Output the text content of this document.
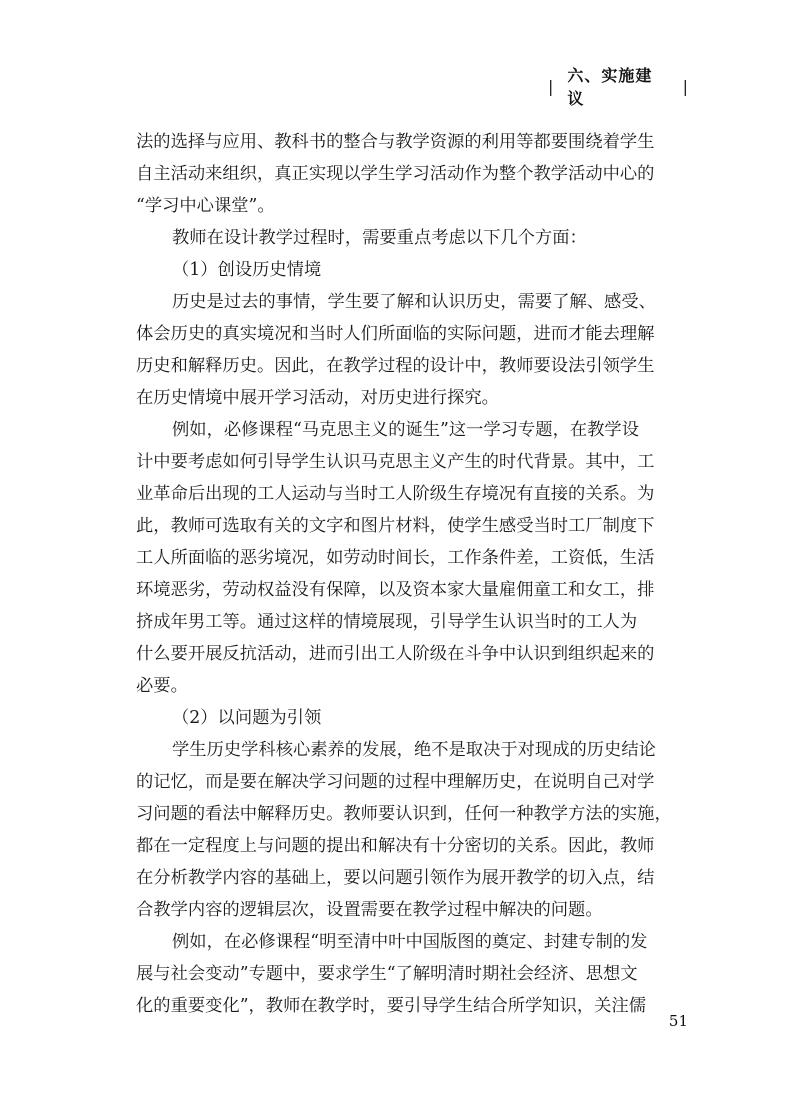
|
六、实施建议
|

法的选择与应用、教科书的整合与教学资源的利用等都要围绕着学生

自主活动来组织，真正实现以学生学习活动作为整个教学活动中心的

“学习中心课堂”。

教师在设计教学过程时，需要重点考虑以下几个方面：

（1）创设历史情境

历史是过去的事情，学生要了解和认识历史，需要了解、感受、

体会历史的真实境况和当时人们所面临的实际问题，进而才能去理解

历史和解释历史。因此，在教学过程的设计中，教师要设法引领学生

在历史情境中展开学习活动，对历史进行探究。

例如，必修课程“马克思主义的诞生”这一学习专题，在教学设

计中要考虑如何引导学生认识马克思主义产生的时代背景。其中，工

业革命后出现的工人运动与当时工人阶级生存境况有直接的关系。为

此，教师可选取有关的文字和图片材料，使学生感受当时工厂制度下

工人所面临的恶劣境况，如劳动时间长，工作条件差，工资低，生活

环境恶劣，劳动权益没有保障，以及资本家大量雇佣童工和女工，排

挤成年男工等。通过这样的情境展现，引导学生认识当时的工人为

什么要开展反抗活动，进而引出工人阶级在斗争中认识到组织起来的

必要。

（2）以问题为引领

学生历史学科核心素养的发展，绝不是取决于对现成的历史结论

的记忆，而是要在解决学习问题的过程中理解历史，在说明自己对学

习问题的看法中解释历史。教师要认识到，任何一种教学方法的实施，

都在一定程度上与问题的提出和解决有十分密切的关系。因此，教师

在分析教学内容的基础上，要以问题引领作为展开教学的切入点，结

合教学内容的逻辑层次，设置需要在教学过程中解决的问题。

例如，在必修课程“明至清中叶中国版图的奠定、封建专制的发

展与社会变动”专题中，要求学生“了解明清时期社会经济、思想文

化的重要变化”，教师在教学时，要引导学生结合所学知识，关注儒

51
